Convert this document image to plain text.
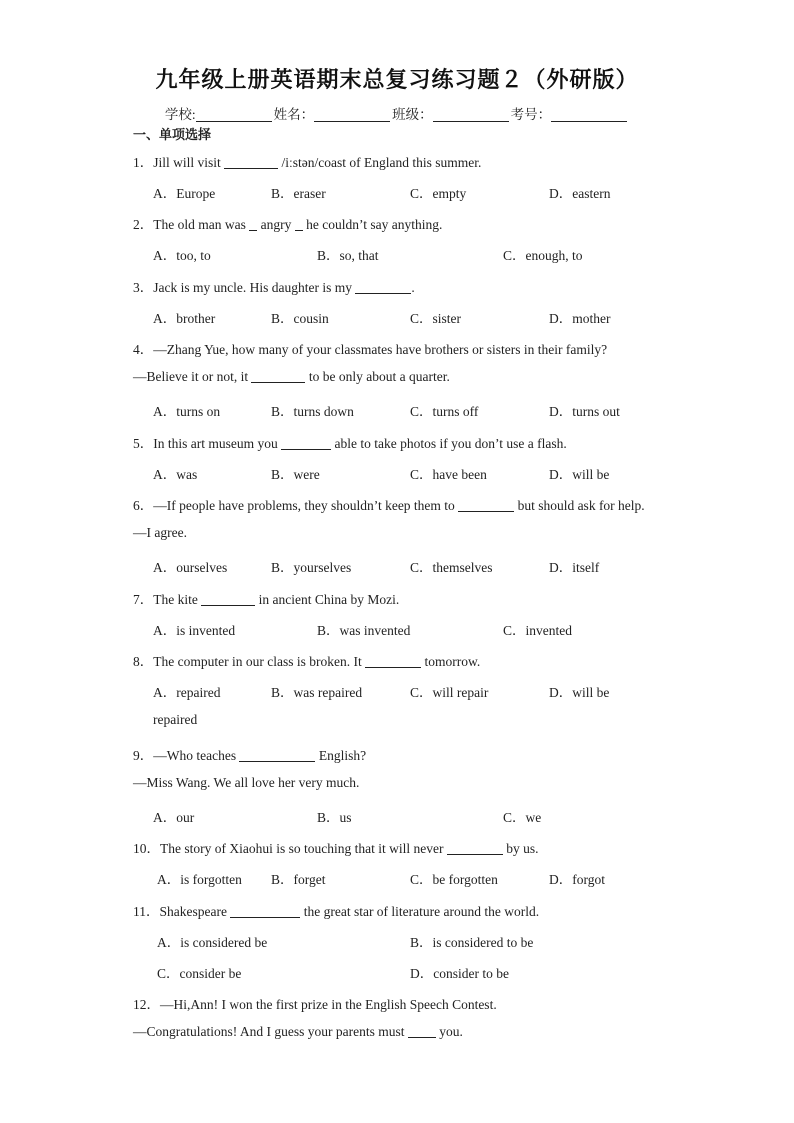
九年级上册英语期末总复习练习题２（外研版）
学校:	姓名：	班级：	考号：
一、单项选择
1．Jill will visit	/iːstən/coast of England this summer.
A．Europe	B．eraser	C．empty	D．eastern
2．The old man was  angry  he couldn’t say anything.
A．too, to	B．so, that	C．enough, to
3．Jack is my uncle. His daughter is my	.
A．brother	B．cousin	C．sister	D．mother
4．—Zhang Yue, how many of your classmates have brothers or sisters in their family?
—Believe it or not, it	to be only about a quarter.
A．turns on	B．turns down	C．turns off	D．turns out
5．In this art museum you	able to take photos if you don’t use a flash.
A．was	B．were	C．have been	D．will be
6．—If people have problems, they shouldn’t keep them to	but should ask for help.
—I agree.
A．ourselves	B．yourselves	C．themselves	D．itself
7．The kite	in ancient China by Mozi.
A．is invented	B．was invented	C．invented
8．The computer in our class is broken. It	tomorrow.
A．repaired	B．was repaired	C．will repair	D．will be
repaired
9．—Who teaches	English?
—Miss Wang. We all love her very much.
A．our	B．us	C．we
10．The story of Xiaohui is so touching that it will never	by us.
A．is forgotten B．forget	C．be forgotten	D．forgot
11．Shakespeare	the great star of literature around the world.
A．is considered be	B．is considered to be
C．consider be	D．consider to be
12．—Hi,Ann! I won the first prize in the English Speech Contest.
—Congratulations! And I guess your parents must  you.
